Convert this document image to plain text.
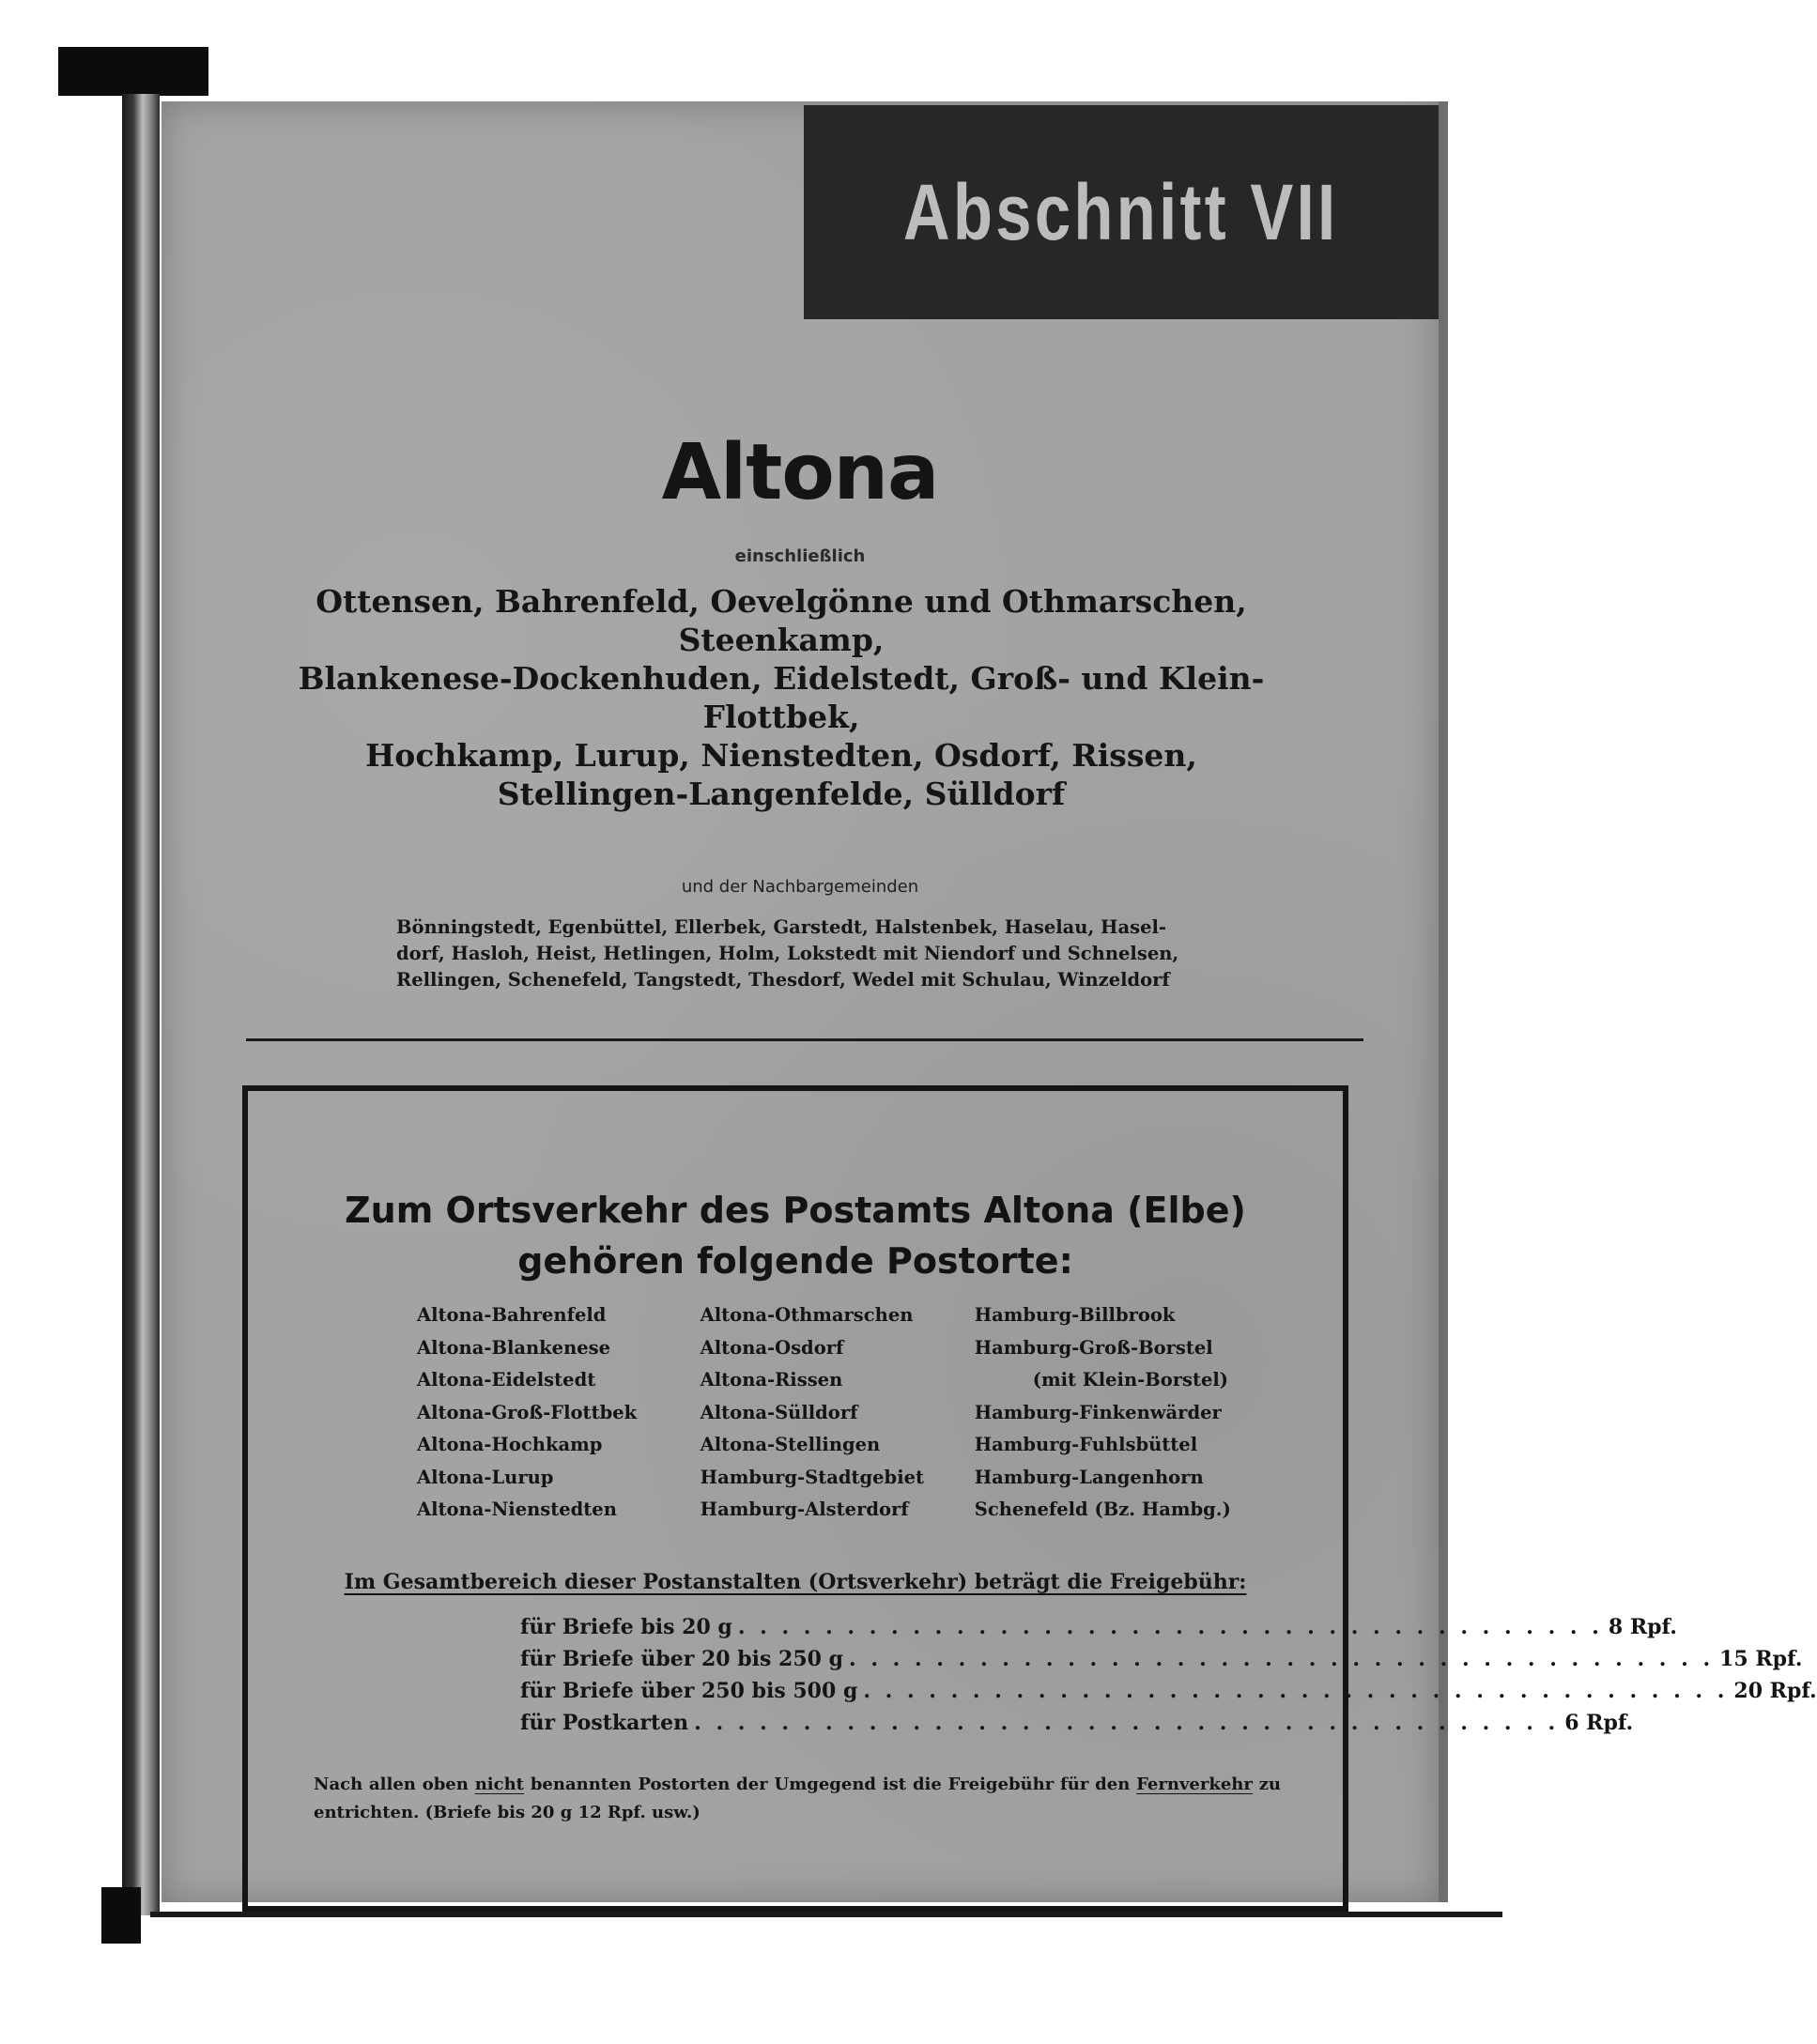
Abschnitt VII
Altona
einschließlich
Ottensen, Bahrenfeld, Oevelgönne und Othmarschen, Steenkamp,
Blankenese-Dockenhuden, Eidelstedt, Groß- und Klein-Flottbek,
Hochkamp, Lurup, Nienstedten, Osdorf, Rissen,
Stellingen-Langenfelde, Sülldorf
und der Nachbargemeinden
Bönningstedt, Egenbüttel, Ellerbek, Garstedt, Halstenbek, Haselau, Hasel-
dorf, Hasloh, Heist, Hetlingen, Holm, Lokstedt mit Niendorf und Schnelsen,
Rellingen, Schenefeld, Tangstedt, Thesdorf, Wedel mit Schulau, Winzeldorf
Zum Ortsverkehr des Postamts Altona (Elbe)
gehören folgende Postorte:
Altona-Bahrenfeld
Altona-Blankenese
Altona-Eidelstedt
Altona-Groß-Flottbek
Altona-Hochkamp
Altona-Lurup
Altona-Nienstedten
Altona-Othmarschen
Altona-Osdorf
Altona-Rissen
Altona-Sülldorf
Altona-Stellingen
Hamburg-Stadtgebiet
Hamburg-Alsterdorf
Hamburg-Billbrook
Hamburg-Groß-Borstel
(mit Klein-Borstel)
Hamburg-Finkenwärder
Hamburg-Fuhlsbüttel
Hamburg-Langenhorn
Schenefeld (Bz. Hambg.)
Im Gesamtbereich dieser Postanstalten (Ortsverkehr) beträgt die Freigebühr:
für Briefe bis 20 g . . . . . . . . . . . . . . . . . . . . . . . . . . . . . . . . . . . . . . . . 8 Rpf.
für Briefe über 20 bis 250 g . . . . . . . . . . . . . . . . . . . . . . . . . . . . . . . . . . . . . . . . 15 Rpf.
für Briefe über 250 bis 500 g . . . . . . . . . . . . . . . . . . . . . . . . . . . . . . . . . . . . . . . . 20 Rpf.
für Postkarten . . . . . . . . . . . . . . . . . . . . . . . . . . . . . . . . . . . . . . . . 6 Rpf.
Nach allen oben nicht benannten Postorten der Umgegend ist die Freigebühr für den Fernverkehr zu entrichten. (Briefe bis 20 g 12 Rpf. usw.)
